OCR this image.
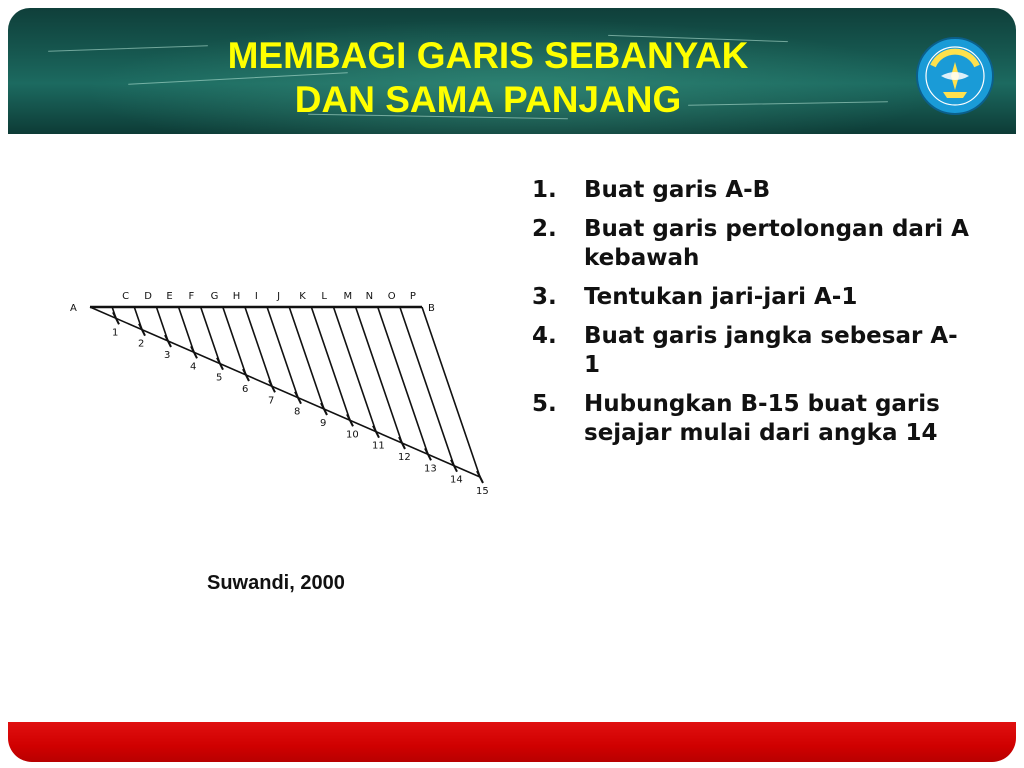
MEMBAGI GARIS SEBANYAK
DAN SAMA PANJANG
1
2
3
4
5
6
7
8
9
10
11
12
13
14
15
A
C D E F G H I J K L M N O P
B

Suwandi, 2000

1. Buat garis A-B
2. Buat garis pertolongan dari A kebawah
3. Tentukan jari-jari A-1
4. Buat garis jangka sebesar A-1
5. Hubungkan B-15 buat garis sejajar mulai dari angka 14
